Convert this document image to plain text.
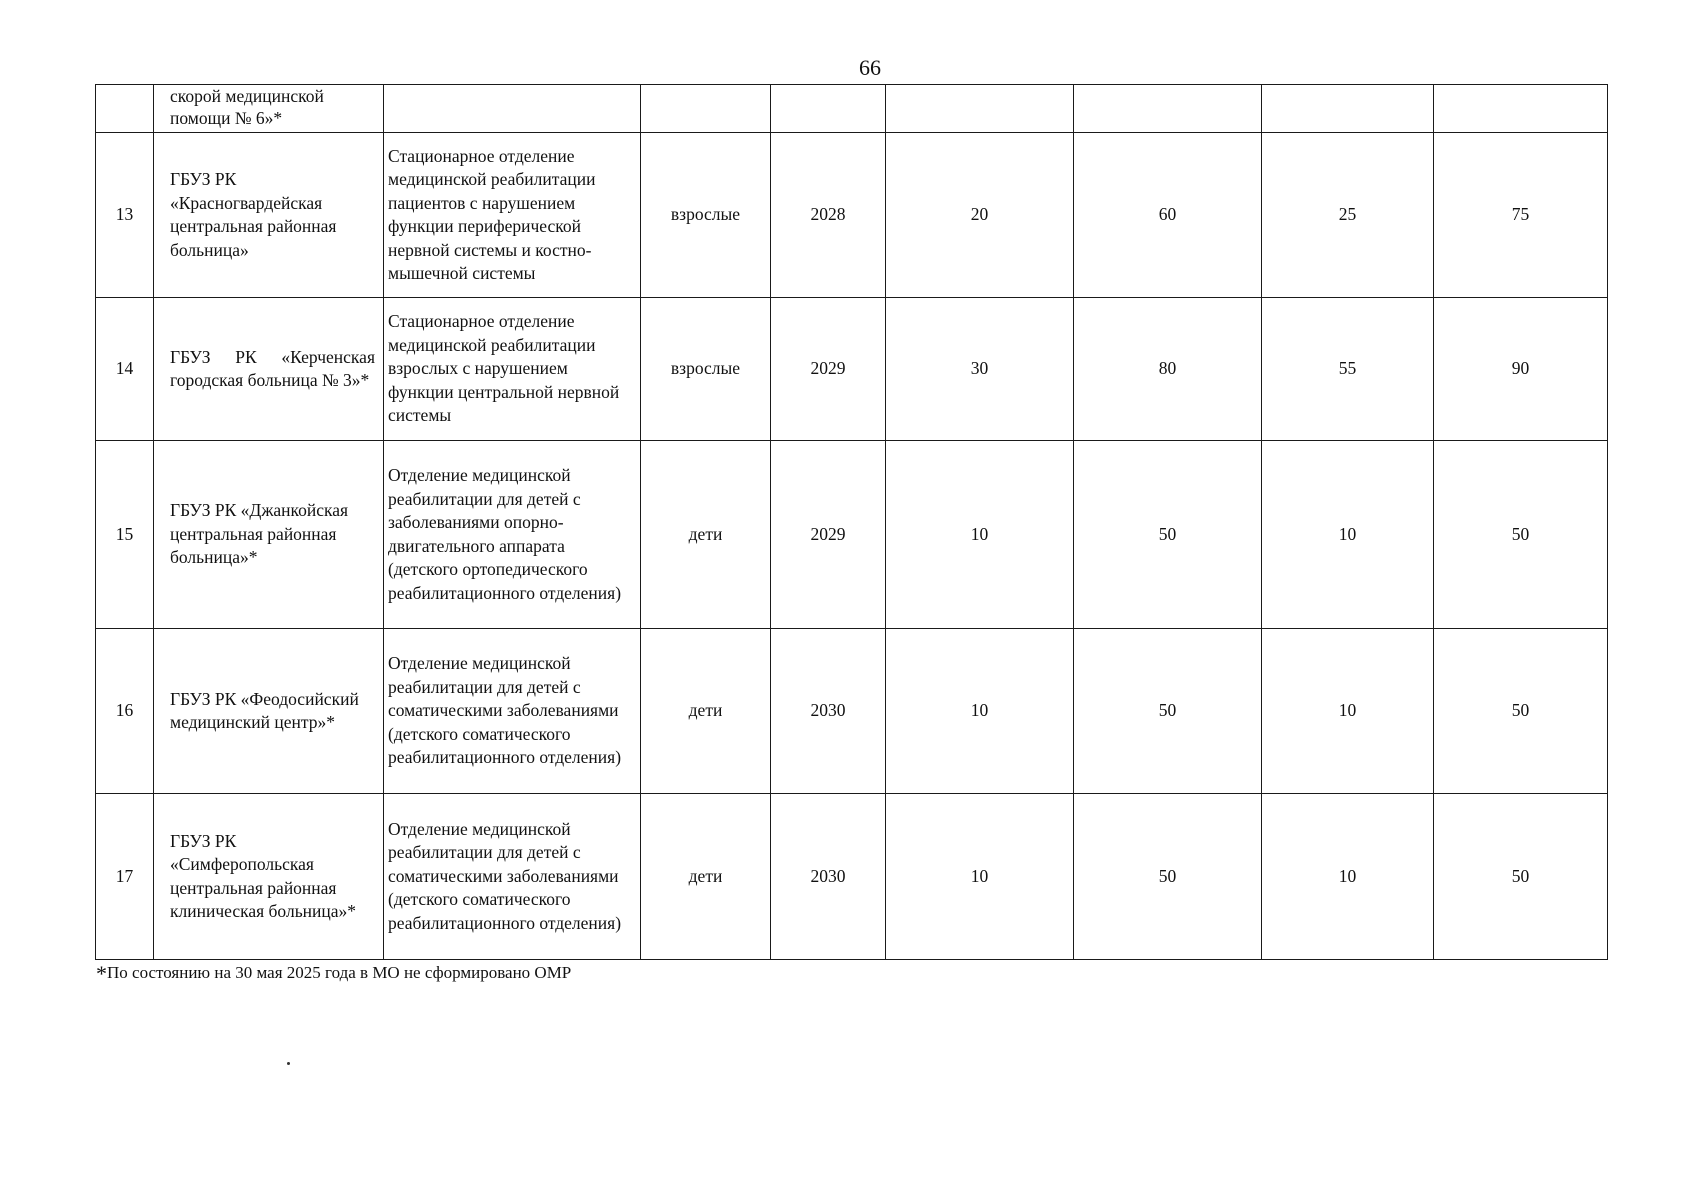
66
	скорой медицинской помощи № 6»*							
13	ГБУЗ РК «Красногвардейская центральная районная больница»	Стационарное отделение медицинской реабилитации пациентов с нарушением функции периферической нервной системы и костно-мышечной системы	взрослые	2028	20	60	25	75
14	ГБУЗ РК «Керченская городская больница № 3»*	Стационарное отделение медицинской реабилитации взрослых с нарушением функции центральной нервной системы	взрослые	2029	30	80	55	90
15	ГБУЗ РК «Джанкойская центральная районная больница»*	Отделение медицинской реабилитации для детей с заболеваниями опорно-двигательного аппарата (детского ортопедического реабилитационного отделения)	дети	2029	10	50	10	50
16	ГБУЗ РК «Феодосийский медицинский центр»*	Отделение медицинской реабилитации для детей с соматическими заболеваниями (детского соматического реабилитационного отделения)	дети	2030	10	50	10	50
17	ГБУЗ РК «Симферопольская центральная районная клиническая больница»*	Отделение медицинской реабилитации для детей с соматическими заболеваниями (детского соматического реабилитационного отделения)	дети	2030	10	50	10	50
*По состоянию на 30 мая 2025 года в МО не сформировано ОМР
